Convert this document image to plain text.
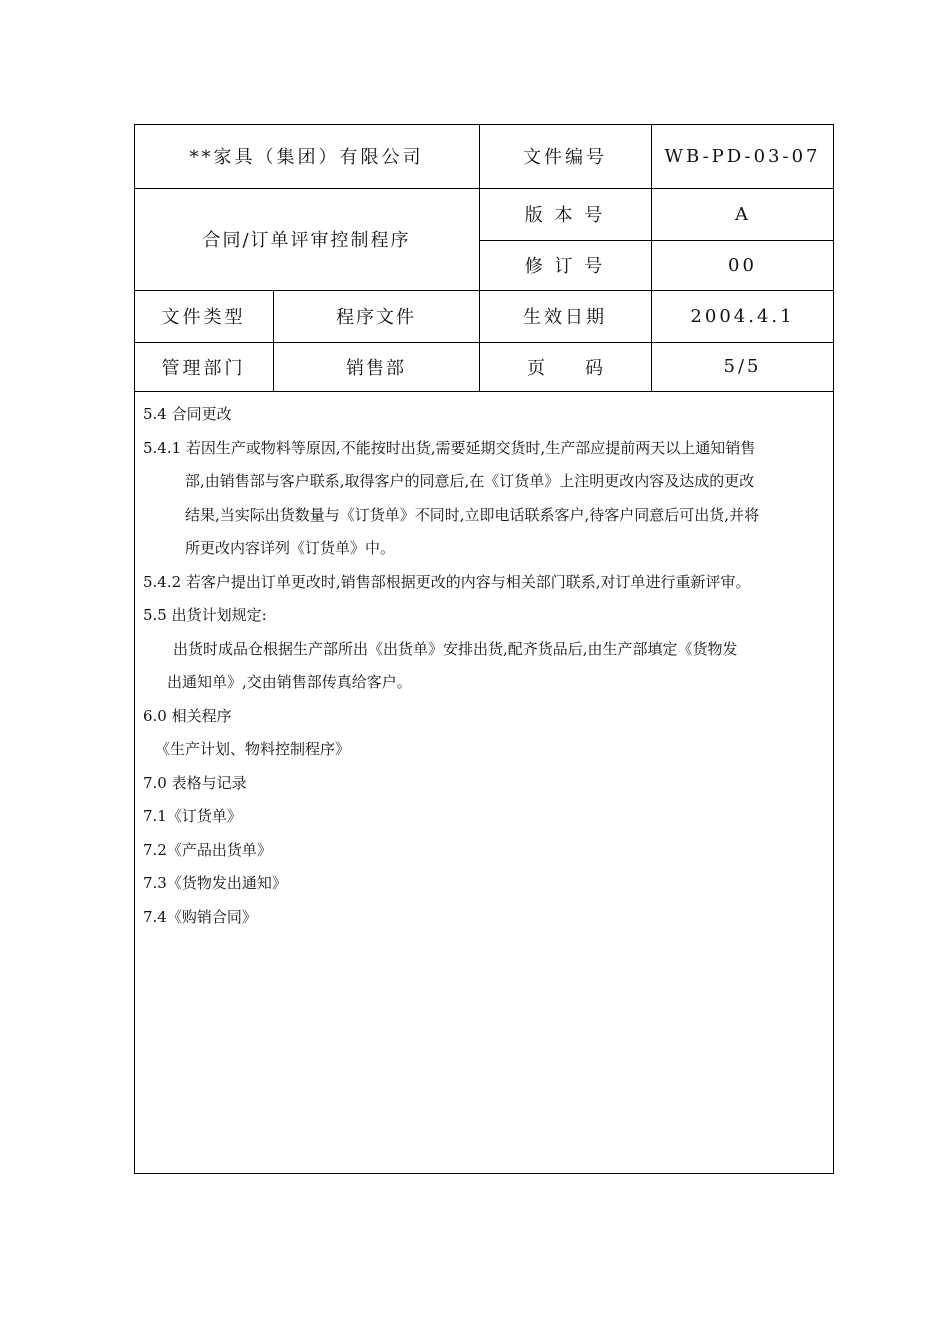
**家具（集团）有限公司	文件编号	WB-PD-03-07
合同/订单评审控制程序
版 本 号	A
修 订 号	00
文件类型	程序文件	生效日期	2004.4.1
管理部门	销售部	页 码	5/5

5.4 合同更改

5.4.1 若因生产或物料等原因,不能按时出货,需要延期交货时,生产部应提前两天以上通知销售

部,由销售部与客户联系,取得客户的同意后,在《订货单》上注明更改内容及达成的更改

结果,当实际出货数量与《订货单》不同时,立即电话联系客户,待客户同意后可出货,并将

所更改内容详列《订货单》中。

5.4.2 若客户提出订单更改时,销售部根据更改的内容与相关部门联系,对订单进行重新评审。

5.5 出货计划规定:

出货时成品仓根据生产部所出《出货单》安排出货,配齐货品后,由生产部填定《货物发

出通知单》,交由销售部传真给客户。

6.0 相关程序

《生产计划、物料控制程序》

7.0 表格与记录

7.1《订货单》

7.2《产品出货单》

7.3《货物发出通知》

7.4《购销合同》
